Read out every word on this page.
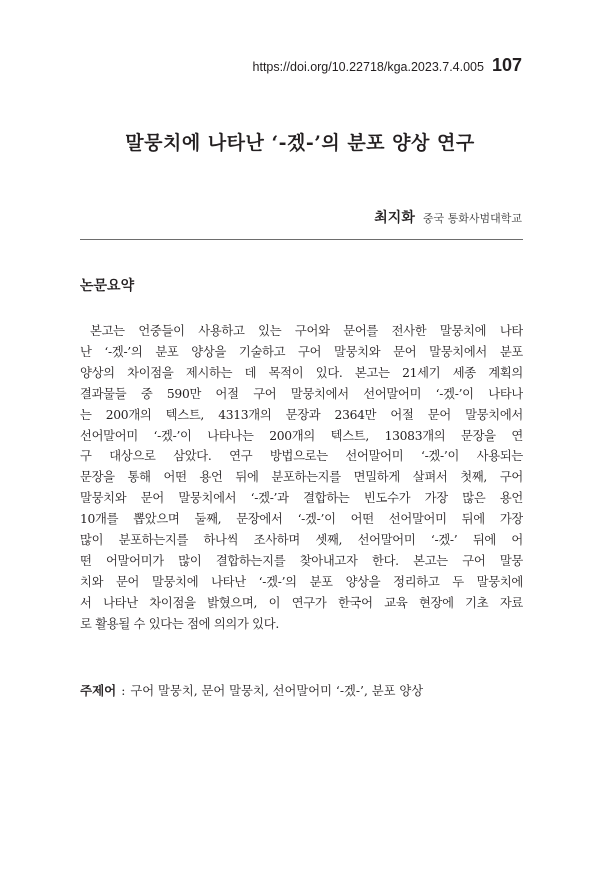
https://doi.org/10.22718/kga.2023.7.4.005 107
말뭉치에 나타난 ‘-겠-’의 분포 양상 연구
최지화 중국 통화사범대학교
논문요약

본고는 언중들이 사용하고 있는 구어와 문어를 전사한 말뭉치에 나타

난 ‘-겠-’의 분포 양상을 기술하고 구어 말뭉치와 문어 말뭉치에서 분포

양상의 차이점을 제시하는 데 목적이 있다. 본고는 21세기 세종 계획의

결과물들 중 590만 어절 구어 말뭉치에서 선어말어미 ‘-겠-’이 나타나

는 200개의 텍스트, 4313개의 문장과 2364만 어절 문어 말뭉치에서

선어말어미 ‘-겠-’이 나타나는 200개의 텍스트, 13083개의 문장을 연

구 대상으로 삼았다. 연구 방법으로는 선어말어미 ‘-겠-’이 사용되는

문장을 통해 어떤 용언 뒤에 분포하는지를 면밀하게 살펴서 첫째, 구어

말뭉치와 문어 말뭉치에서 ‘-겠-’과 결합하는 빈도수가 가장 많은 용언

10개를 뽑았으며 둘째, 문장에서 ‘-겠-’이 어떤 선어말어미 뒤에 가장

많이 분포하는지를 하나씩 조사하며 셋째, 선어말어미 ‘-겠-’ 뒤에 어

떤 어말어미가 많이 결합하는지를 찾아내고자 한다. 본고는 구어 말뭉

치와 문어 말뭉치에 나타난 ‘-겠-’의 분포 양상을 정리하고 두 말뭉치에

서 나타난 차이점을 밝혔으며, 이 연구가 한국어 교육 현장에 기초 자료

로 활용될 수 있다는 점에 의의가 있다.

주제어 : 구어 말뭉치, 문어 말뭉치, 선어말어미 ‘-겠-’, 분포 양상
